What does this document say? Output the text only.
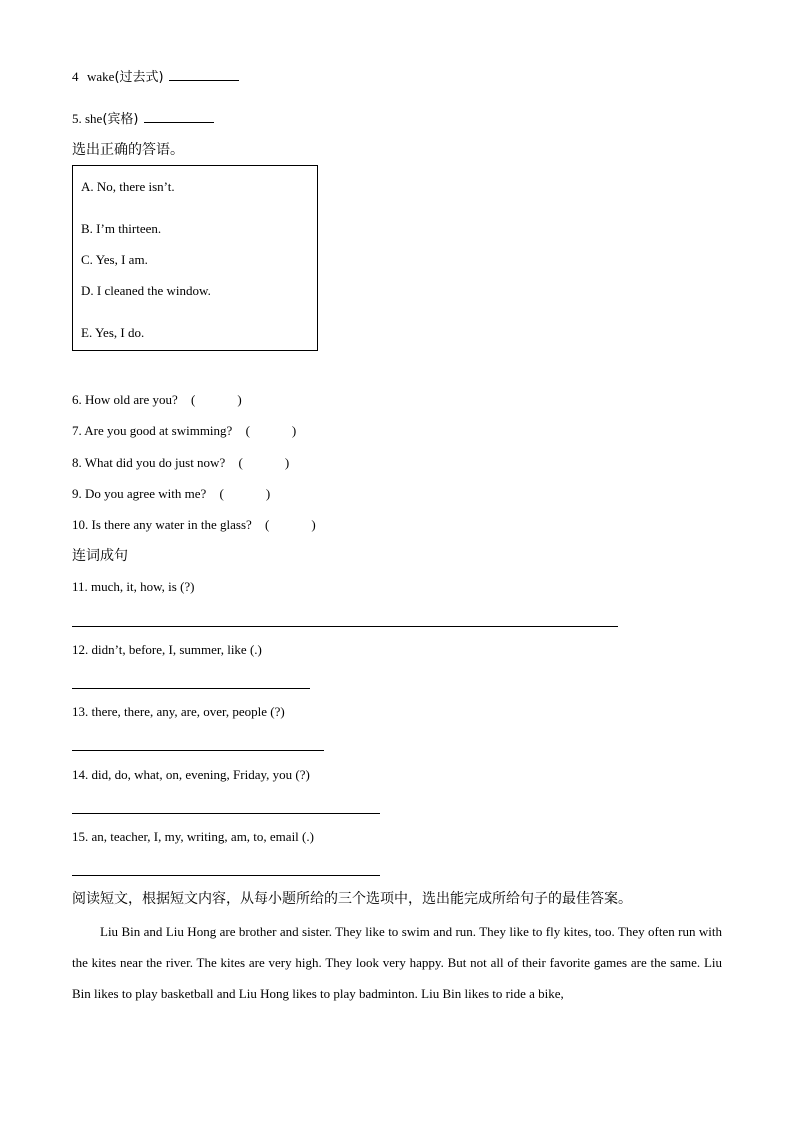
4 wake(过去式)
5. she(宾格)
选出正确的答语。
A. No, there isn’t.
B. I’m thirteen.
C. Yes, I am.
D. I cleaned the window.
E. Yes, I do.
6. How old are you? (	)
7. Are you good at swimming? (	)
8. What did you do just now? (	)
9. Do you agree with me? (	)
10. Is there any water in the glass? (	)
连词成句
11. much, it, how, is (?)
12. didn’t, before, I, summer, like (.)
13. there, there, any, are, over, people (?)
14. did, do, what, on, evening, Friday, you (?)
15. an, teacher, I, my, writing, am, to, email (.)
阅读短文，根据短文内容，从每小题所给的三个选项中，选出能完成所给句子的最佳答案。

Liu Bin and Liu Hong are brother and sister. They like to swim and run. They like to fly kites, too. They often run with the kites near the river. The kites are very high. They look very happy. But not all of their favorite games are the same. Liu Bin likes to play basketball and Liu Hong likes to play badminton. Liu Bin likes to ride a bike,
